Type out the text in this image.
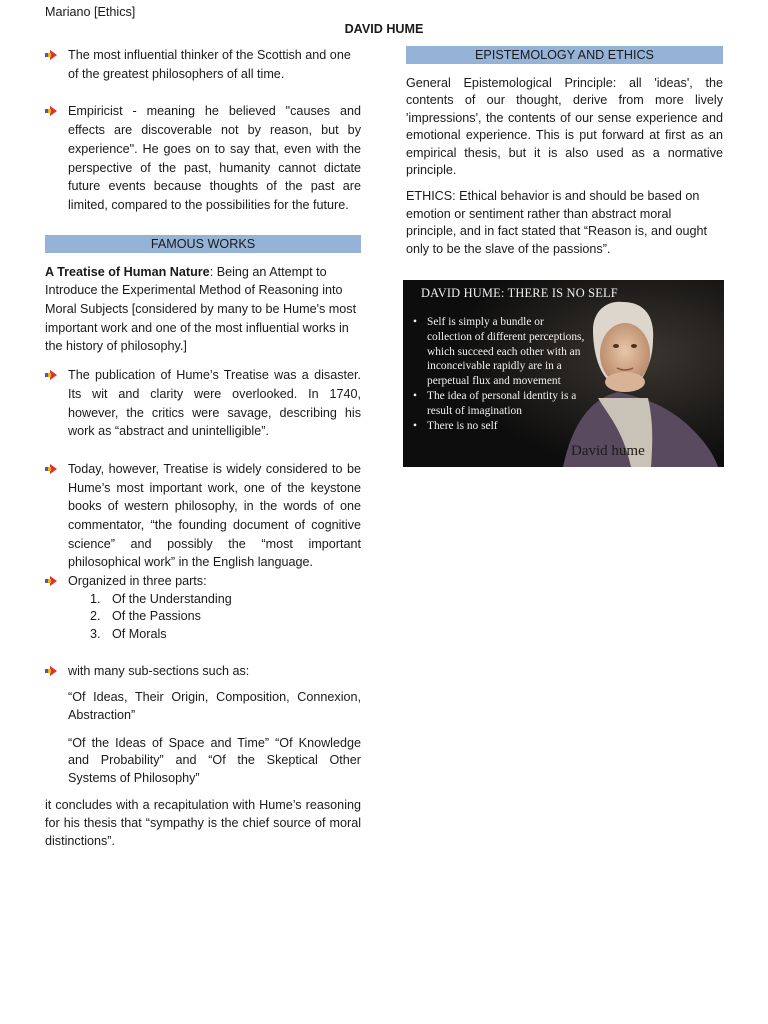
Mariano [Ethics]
DAVID HUME
The most influential thinker of the Scottish and one of the greatest philosophers of all time.
Empiricist - meaning he believed "causes and effects are discoverable not by reason, but by experience". He goes on to say that, even with the perspective of the past, humanity cannot dictate future events because thoughts of the past are limited, compared to the possibilities for the future.
FAMOUS WORKS
A Treatise of Human Nature: Being an Attempt to Introduce the Experimental Method of Reasoning into Moral Subjects [considered by many to be Hume's most important work and one of the most influential works in the history of philosophy.]
The publication of Hume’s Treatise was a disaster. Its wit and clarity were overlooked. In 1740, however, the critics were savage, describing his work as “abstract and unintelligible”.
Today, however, Treatise is widely considered to be Hume’s most important work, one of the keystone books of western philosophy, in the words of one commentator, “the founding document of cognitive science” and possibly the “most important philosophical work” in the English language.
Organized in three parts:
1. Of the Understanding
2. Of the Passions
3. Of Morals
with many sub-sections such as:
“Of Ideas, Their Origin, Composition, Connexion, Abstraction”
“Of the Ideas of Space and Time” “Of Knowledge and Probability” and “Of the Skeptical Other Systems of Philosophy”
it concludes with a recapitulation with Hume’s reasoning for his thesis that “sympathy is the chief source of moral distinctions”.
EPISTEMOLOGY AND ETHICS
General Epistemological Principle: all 'ideas', the contents of our thought, derive from more lively 'impressions', the contents of our sense experience and emotional experience. This is put forward at first as an empirical thesis, but it is also used as a normative principle.
ETHICS: Ethical behavior is and should be based on emotion or sentiment rather than abstract moral principle, and in fact stated that “Reason is, and ought only to be the slave of the passions”.
DAVID HUME: THERE IS NO SELF
• Self is simply a bundle or collection of different perceptions, which succeed each other with an inconceivable rapidly are in a perpetual flux and movement
• The idea of personal identity is a result of imagination
• There is no self
David hume
